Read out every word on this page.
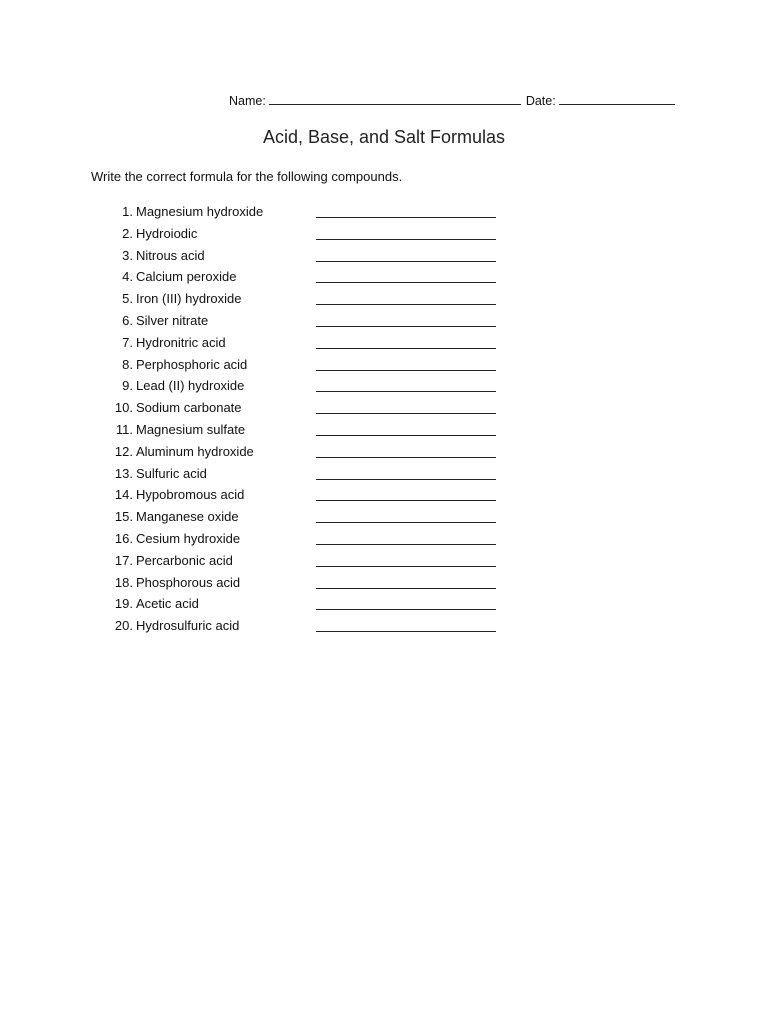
Name:	Date:
Acid, Base, and Salt Formulas
Write the correct formula for the following compounds.
1. Magnesium hydroxide
2. Hydroiodic
3. Nitrous acid
4. Calcium peroxide
5. Iron (III) hydroxide
6. Silver nitrate
7. Hydronitric acid
8. Perphosphoric acid
9. Lead (II) hydroxide
10. Sodium carbonate
11. Magnesium sulfate
12. Aluminum hydroxide
13. Sulfuric acid
14. Hypobromous acid
15. Manganese oxide
16. Cesium hydroxide
17. Percarbonic acid
18. Phosphorous acid
19. Acetic acid
20. Hydrosulfuric acid
